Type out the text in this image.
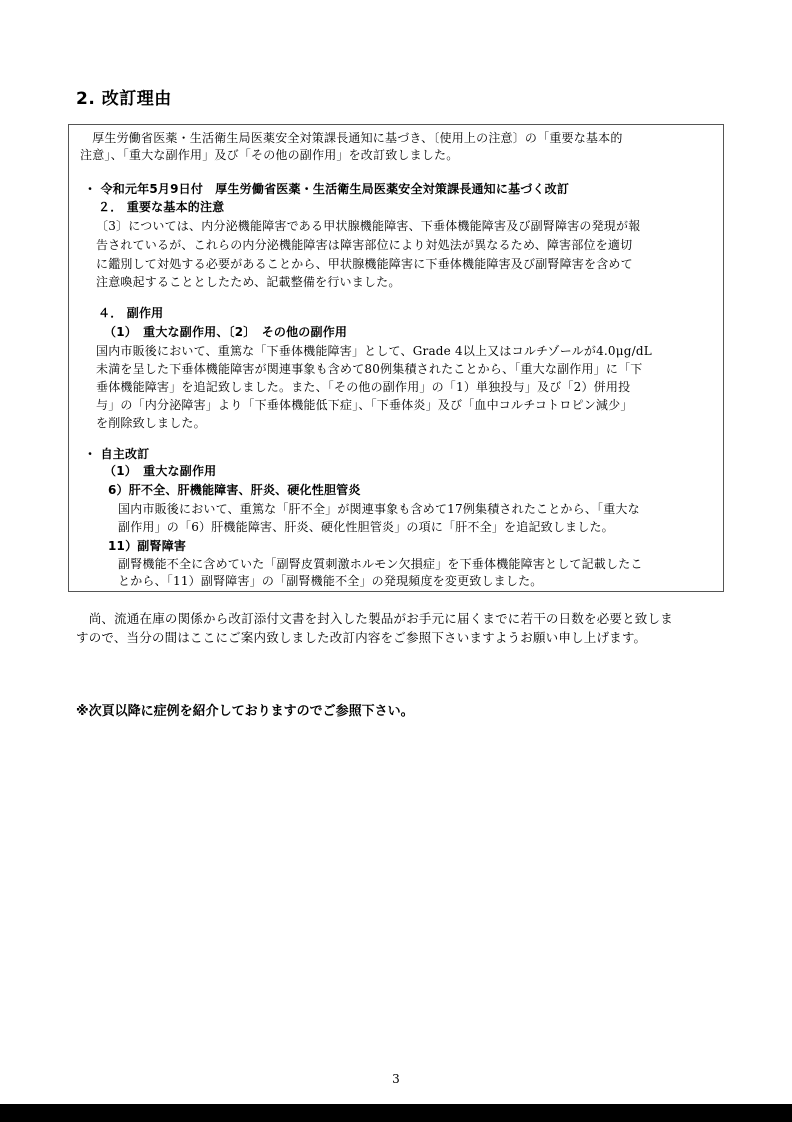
2. 改訂理由
　厚生労働省医薬・生活衛生局医薬安全対策課長通知に基づき、〔使用上の注意〕の「重要な基本的
注意」、「重大な副作用」及び「その他の副作用」を改訂致しました。
・ 令和元年5月9日付　厚生労働省医薬・生活衛生局医薬安全対策課長通知に基づく改訂
２． 重要な基本的注意
〔3〕については、内分泌機能障害である甲状腺機能障害、下垂体機能障害及び副腎障害の発現が報
告されているが、これらの内分泌機能障害は障害部位により対処法が異なるため、障害部位を適切
に鑑別して対処する必要があることから、甲状腺機能障害に下垂体機能障害及び副腎障害を含めて
注意喚起することとしたため、記載整備を行いました。
４． 副作用
（1）　重大な副作用、〔2〕　その他の副作用
国内市販後において、重篤な「下垂体機能障害」として、Grade 4以上又はコルチゾールが4.0μg/dL
未満を呈した下垂体機能障害が関連事象も含めて80例集積されたことから、「重大な副作用」に「下
垂体機能障害」を追記致しました。また、「その他の副作用」の「1）単独投与」及び「2）併用投
与」の「内分泌障害」より「下垂体機能低下症」、「下垂体炎」及び「血中コルチコトロピン減少」
を削除致しました。
・ 自主改訂
（1）　重大な副作用
6）肝不全、肝機能障害、肝炎、硬化性胆管炎
国内市販後において、重篤な「肝不全」が関連事象も含めて17例集積されたことから、「重大な
副作用」の「6）肝機能障害、肝炎、硬化性胆管炎」の項に「肝不全」を追記致しました。
11）副腎障害
副腎機能不全に含めていた「副腎皮質刺激ホルモン欠損症」を下垂体機能障害として記載したこ
とから、「11）副腎障害」の「副腎機能不全」の発現頻度を変更致しました。
　尚、流通在庫の関係から改訂添付文書を封入した製品がお手元に届くまでに若干の日数を必要と致しま
すので、当分の間はここにご案内致しました改訂内容をご参照下さいますようお願い申し上げます。
※次頁以降に症例を紹介しておりますのでご参照下さい。
3
